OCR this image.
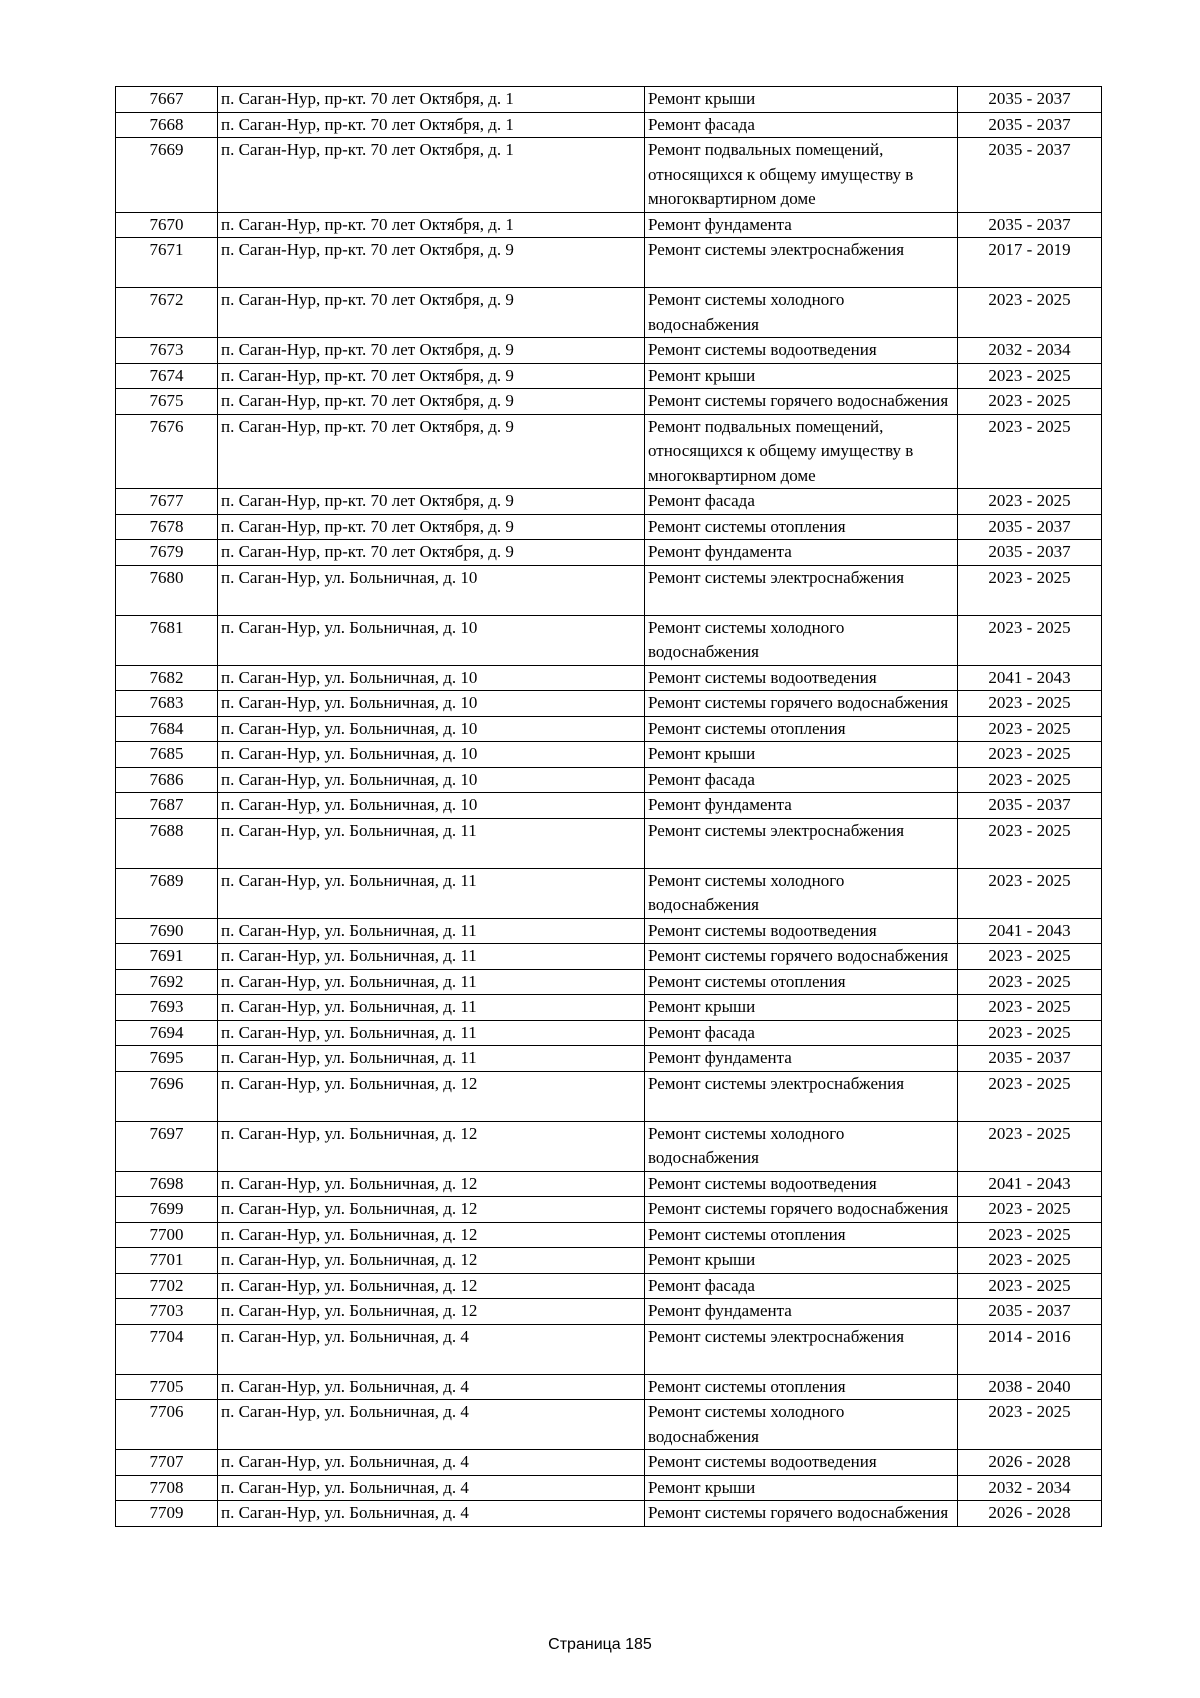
7667	п. Саган-Нур, пр-кт. 70 лет Октября, д. 1	Ремонт крыши	2035 - 2037
7668	п. Саган-Нур, пр-кт. 70 лет Октября, д. 1	Ремонт фасада	2035 - 2037
7669	п. Саган-Нур, пр-кт. 70 лет Октября, д. 1	Ремонт подвальных помещений, относящихся к общему имуществу в многоквартирном доме	2035 - 2037
7670	п. Саган-Нур, пр-кт. 70 лет Октября, д. 1	Ремонт фундамента	2035 - 2037
7671	п. Саган-Нур, пр-кт. 70 лет Октября, д. 9	Ремонт системы электроснабжения	2017 - 2019
7672	п. Саган-Нур, пр-кт. 70 лет Октября, д. 9	Ремонт системы холодного водоснабжения	2023 - 2025
7673	п. Саган-Нур, пр-кт. 70 лет Октября, д. 9	Ремонт системы водоотведения	2032 - 2034
7674	п. Саган-Нур, пр-кт. 70 лет Октября, д. 9	Ремонт крыши	2023 - 2025
7675	п. Саган-Нур, пр-кт. 70 лет Октября, д. 9	Ремонт системы горячего водоснабжения	2023 - 2025
7676	п. Саган-Нур, пр-кт. 70 лет Октября, д. 9	Ремонт подвальных помещений, относящихся к общему имуществу в многоквартирном доме	2023 - 2025
7677	п. Саган-Нур, пр-кт. 70 лет Октября, д. 9	Ремонт фасада	2023 - 2025
7678	п. Саган-Нур, пр-кт. 70 лет Октября, д. 9	Ремонт системы отопления	2035 - 2037
7679	п. Саган-Нур, пр-кт. 70 лет Октября, д. 9	Ремонт фундамента	2035 - 2037
7680	п. Саган-Нур, ул. Больничная, д. 10	Ремонт системы электроснабжения	2023 - 2025
7681	п. Саган-Нур, ул. Больничная, д. 10	Ремонт системы холодного водоснабжения	2023 - 2025
7682	п. Саган-Нур, ул. Больничная, д. 10	Ремонт системы водоотведения	2041 - 2043
7683	п. Саган-Нур, ул. Больничная, д. 10	Ремонт системы горячего водоснабжения	2023 - 2025
7684	п. Саган-Нур, ул. Больничная, д. 10	Ремонт системы отопления	2023 - 2025
7685	п. Саган-Нур, ул. Больничная, д. 10	Ремонт крыши	2023 - 2025
7686	п. Саган-Нур, ул. Больничная, д. 10	Ремонт фасада	2023 - 2025
7687	п. Саган-Нур, ул. Больничная, д. 10	Ремонт фундамента	2035 - 2037
7688	п. Саган-Нур, ул. Больничная, д. 11	Ремонт системы электроснабжения	2023 - 2025
7689	п. Саган-Нур, ул. Больничная, д. 11	Ремонт системы холодного водоснабжения	2023 - 2025
7690	п. Саган-Нур, ул. Больничная, д. 11	Ремонт системы водоотведения	2041 - 2043
7691	п. Саган-Нур, ул. Больничная, д. 11	Ремонт системы горячего водоснабжения	2023 - 2025
7692	п. Саган-Нур, ул. Больничная, д. 11	Ремонт системы отопления	2023 - 2025
7693	п. Саган-Нур, ул. Больничная, д. 11	Ремонт крыши	2023 - 2025
7694	п. Саган-Нур, ул. Больничная, д. 11	Ремонт фасада	2023 - 2025
7695	п. Саган-Нур, ул. Больничная, д. 11	Ремонт фундамента	2035 - 2037
7696	п. Саган-Нур, ул. Больничная, д. 12	Ремонт системы электроснабжения	2023 - 2025
7697	п. Саган-Нур, ул. Больничная, д. 12	Ремонт системы холодного водоснабжения	2023 - 2025
7698	п. Саган-Нур, ул. Больничная, д. 12	Ремонт системы водоотведения	2041 - 2043
7699	п. Саган-Нур, ул. Больничная, д. 12	Ремонт системы горячего водоснабжения	2023 - 2025
7700	п. Саган-Нур, ул. Больничная, д. 12	Ремонт системы отопления	2023 - 2025
7701	п. Саган-Нур, ул. Больничная, д. 12	Ремонт крыши	2023 - 2025
7702	п. Саган-Нур, ул. Больничная, д. 12	Ремонт фасада	2023 - 2025
7703	п. Саган-Нур, ул. Больничная, д. 12	Ремонт фундамента	2035 - 2037
7704	п. Саган-Нур, ул. Больничная, д. 4	Ремонт системы электроснабжения	2014 - 2016
7705	п. Саган-Нур, ул. Больничная, д. 4	Ремонт системы отопления	2038 - 2040
7706	п. Саган-Нур, ул. Больничная, д. 4	Ремонт системы холодного водоснабжения	2023 - 2025
7707	п. Саган-Нур, ул. Больничная, д. 4	Ремонт системы водоотведения	2026 - 2028
7708	п. Саган-Нур, ул. Больничная, д. 4	Ремонт крыши	2032 - 2034
7709	п. Саган-Нур, ул. Больничная, д. 4	Ремонт системы горячего водоснабжения	2026 - 2028
Страница 185
